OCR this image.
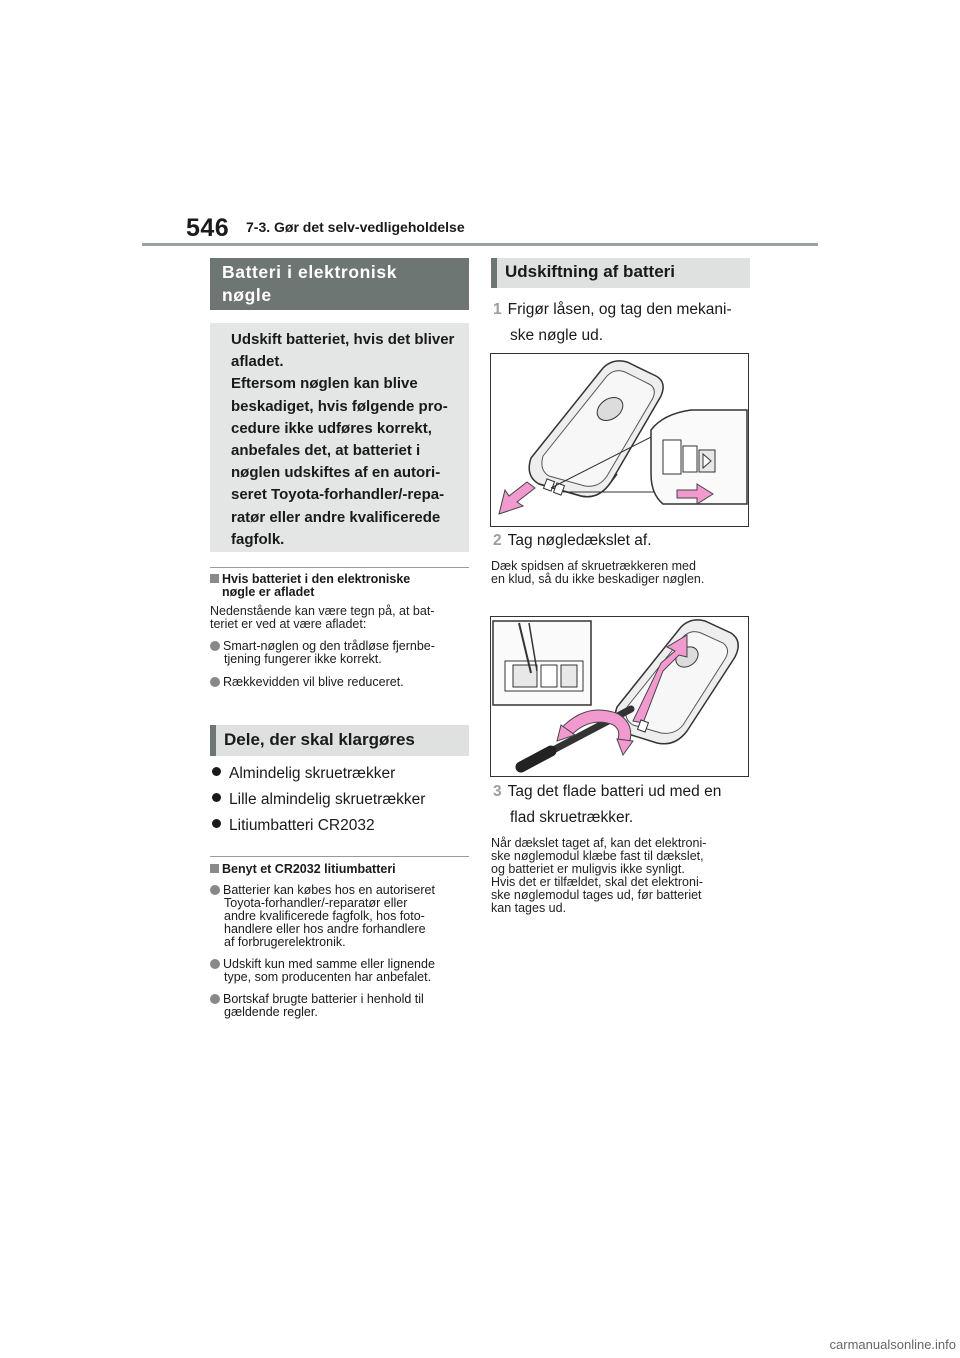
546 7-3. Gør det selv-vedligeholdelse
Batteri i elektronisk
nøgle
Udskift batteriet, hvis det bliver
afladet.
Eftersom nøglen kan blive
beskadiget, hvis følgende pro-
cedure ikke udføres korrekt,
anbefales det, at batteriet i
nøglen udskiftes af en autori-
seret Toyota-forhandler/-repa-
ratør eller andre kvalificerede
fagfolk.
Hvis batteriet i den elektroniske
nøgle er afladet
Nedenstående kan være tegn på, at bat-
teriet er ved at være afladet:
Smart-nøglen og den trådløse fjernbe-
tjening fungerer ikke korrekt.
Rækkevidden vil blive reduceret.
Dele, der skal klargøres
Almindelig skruetrækker
Lille almindelig skruetrækker
Litiumbatteri CR2032
Benyt et CR2032 litiumbatteri
Batterier kan købes hos en autoriseret
Toyota-forhandler/-reparatør eller
andre kvalificerede fagfolk, hos foto-
handlere eller hos andre forhandlere
af forbrugerelektronik.
Udskift kun med samme eller lignende
type, som producenten har anbefalet.
Bortskaf brugte batterier i henhold til
gældende regler.
Udskiftning af batteri
1 Frigør låsen, og tag den mekani-
ske nøgle ud.
2 Tag nøgledækslet af.
Dæk spidsen af skruetrækkeren med
en klud, så du ikke beskadiger nøglen.
3 Tag det flade batteri ud med en
flad skruetrækker.
Når dækslet taget af, kan det elektroni-
ske nøglemodul klæbe fast til dækslet,
og batteriet er muligvis ikke synligt.
Hvis det er tilfældet, skal det elektroni-
ske nøglemodul tages ud, før batteriet
kan tages ud.
carmanualsonline.info
